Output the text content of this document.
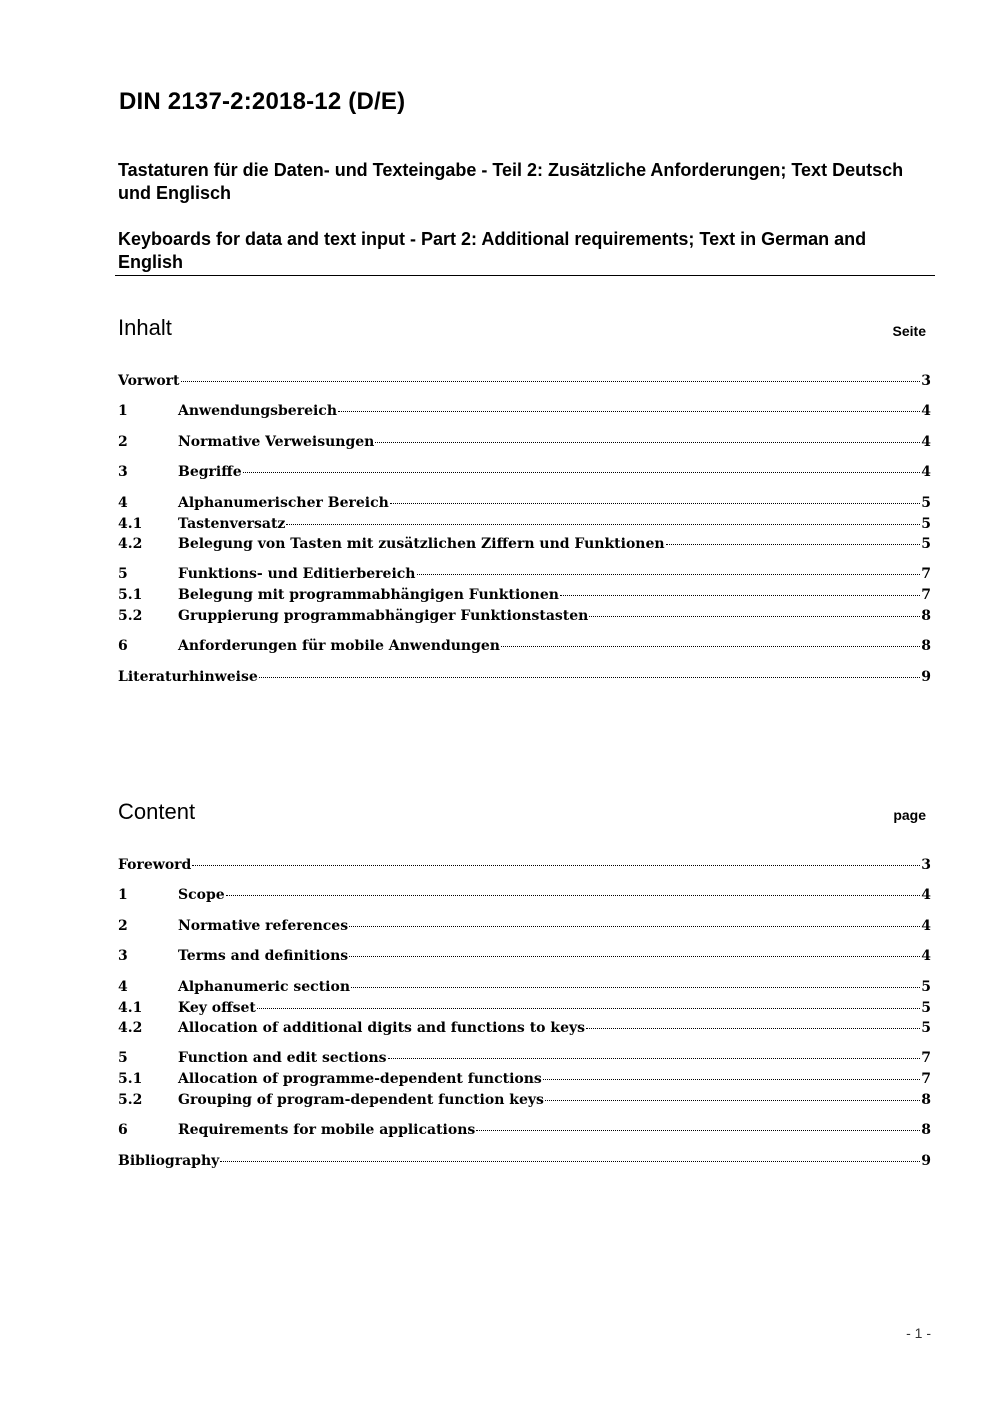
DIN 2137-2:2018-12 (D/E)

Tastaturen für die Daten- und Texteingabe - Teil 2: Zusätzliche Anforderungen; Text Deutsch und Englisch

Keyboards for data and text input - Part 2: Additional requirements; Text in German and English

Inhalt	Seite
Vorwort	3
1	Anwendungsbereich	4
2	Normative Verweisungen	4
3	Begriffe	4
4	Alphanumerischer Bereich	5
4.1	Tastenversatz	5
4.2	Belegung von Tasten mit zusätzlichen Ziffern und Funktionen	5
5	Funktions- und Editierbereich	7
5.1	Belegung mit programmabhängigen Funktionen	7
5.2	Gruppierung programmabhängiger Funktionstasten	8
6	Anforderungen für mobile Anwendungen	8
Literaturhinweise	9
Content	page
Foreword	3
1	Scope	4
2	Normative references	4
3	Terms and definitions	4
4	Alphanumeric section	5
4.1	Key offset	5
4.2	Allocation of additional digits and functions to keys	5
5	Function and edit sections	7
5.1	Allocation of programme-dependent functions	7
5.2	Grouping of program-dependent function keys	8
6	Requirements for mobile applications	8
Bibliography	9
- 1 -
